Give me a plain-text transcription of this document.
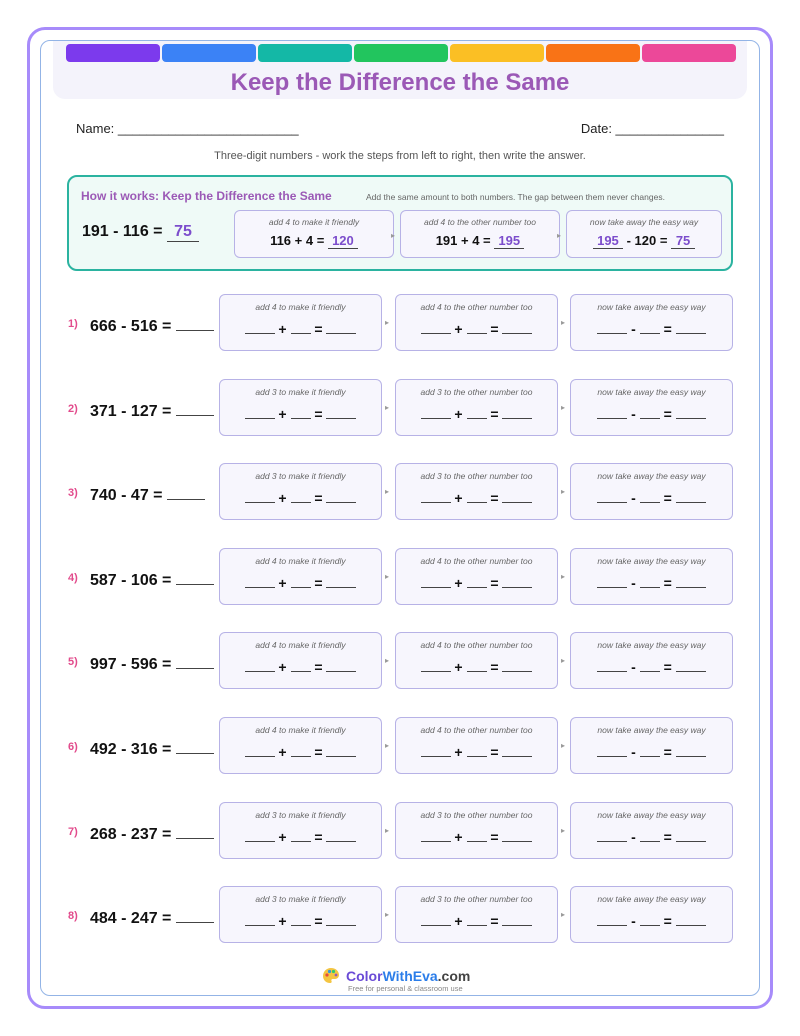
Keep the Difference the Same
Name: _________________________	Date: _______________
Three-digit numbers - work the steps from left to right, then write the answer.
How it works: Keep the Difference the Same	Add the same amount to both numbers. The gap between them never changes.
191 - 116 = 75
add 4 to make it friendly
116 + 4 = 120	▸
add 4 to the other number too
191 + 4 = 195	▸
now take away the easy way
195 - 120 = 75
1) 666 - 516 =
add 4 to make it friendly
+  =	▸
add 4 to the other number too
+  =	▸
now take away the easy way
-  =
2) 371 - 127 =
add 3 to make it friendly
+  =	▸
add 3 to the other number too
+  =	▸
now take away the easy way
-  =
3) 740 - 47 =
add 3 to make it friendly
+  =	▸
add 3 to the other number too
+  =	▸
now take away the easy way
-  =
4) 587 - 106 =
add 4 to make it friendly
+  =	▸
add 4 to the other number too
+  =	▸
now take away the easy way
-  =
5) 997 - 596 =
add 4 to make it friendly
+  =	▸
add 4 to the other number too
+  =	▸
now take away the easy way
-  =
6) 492 - 316 =
add 4 to make it friendly
+  =	▸
add 4 to the other number too
+  =	▸
now take away the easy way
-  =
7) 268 - 237 =
add 3 to make it friendly
+  =	▸
add 3 to the other number too
+  =	▸
now take away the easy way
-  =
8) 484 - 247 =
add 3 to make it friendly
+  =	▸
add 3 to the other number too
+  =	▸
now take away the easy way
-  =
ColorWithEva.com
Free for personal & classroom use
